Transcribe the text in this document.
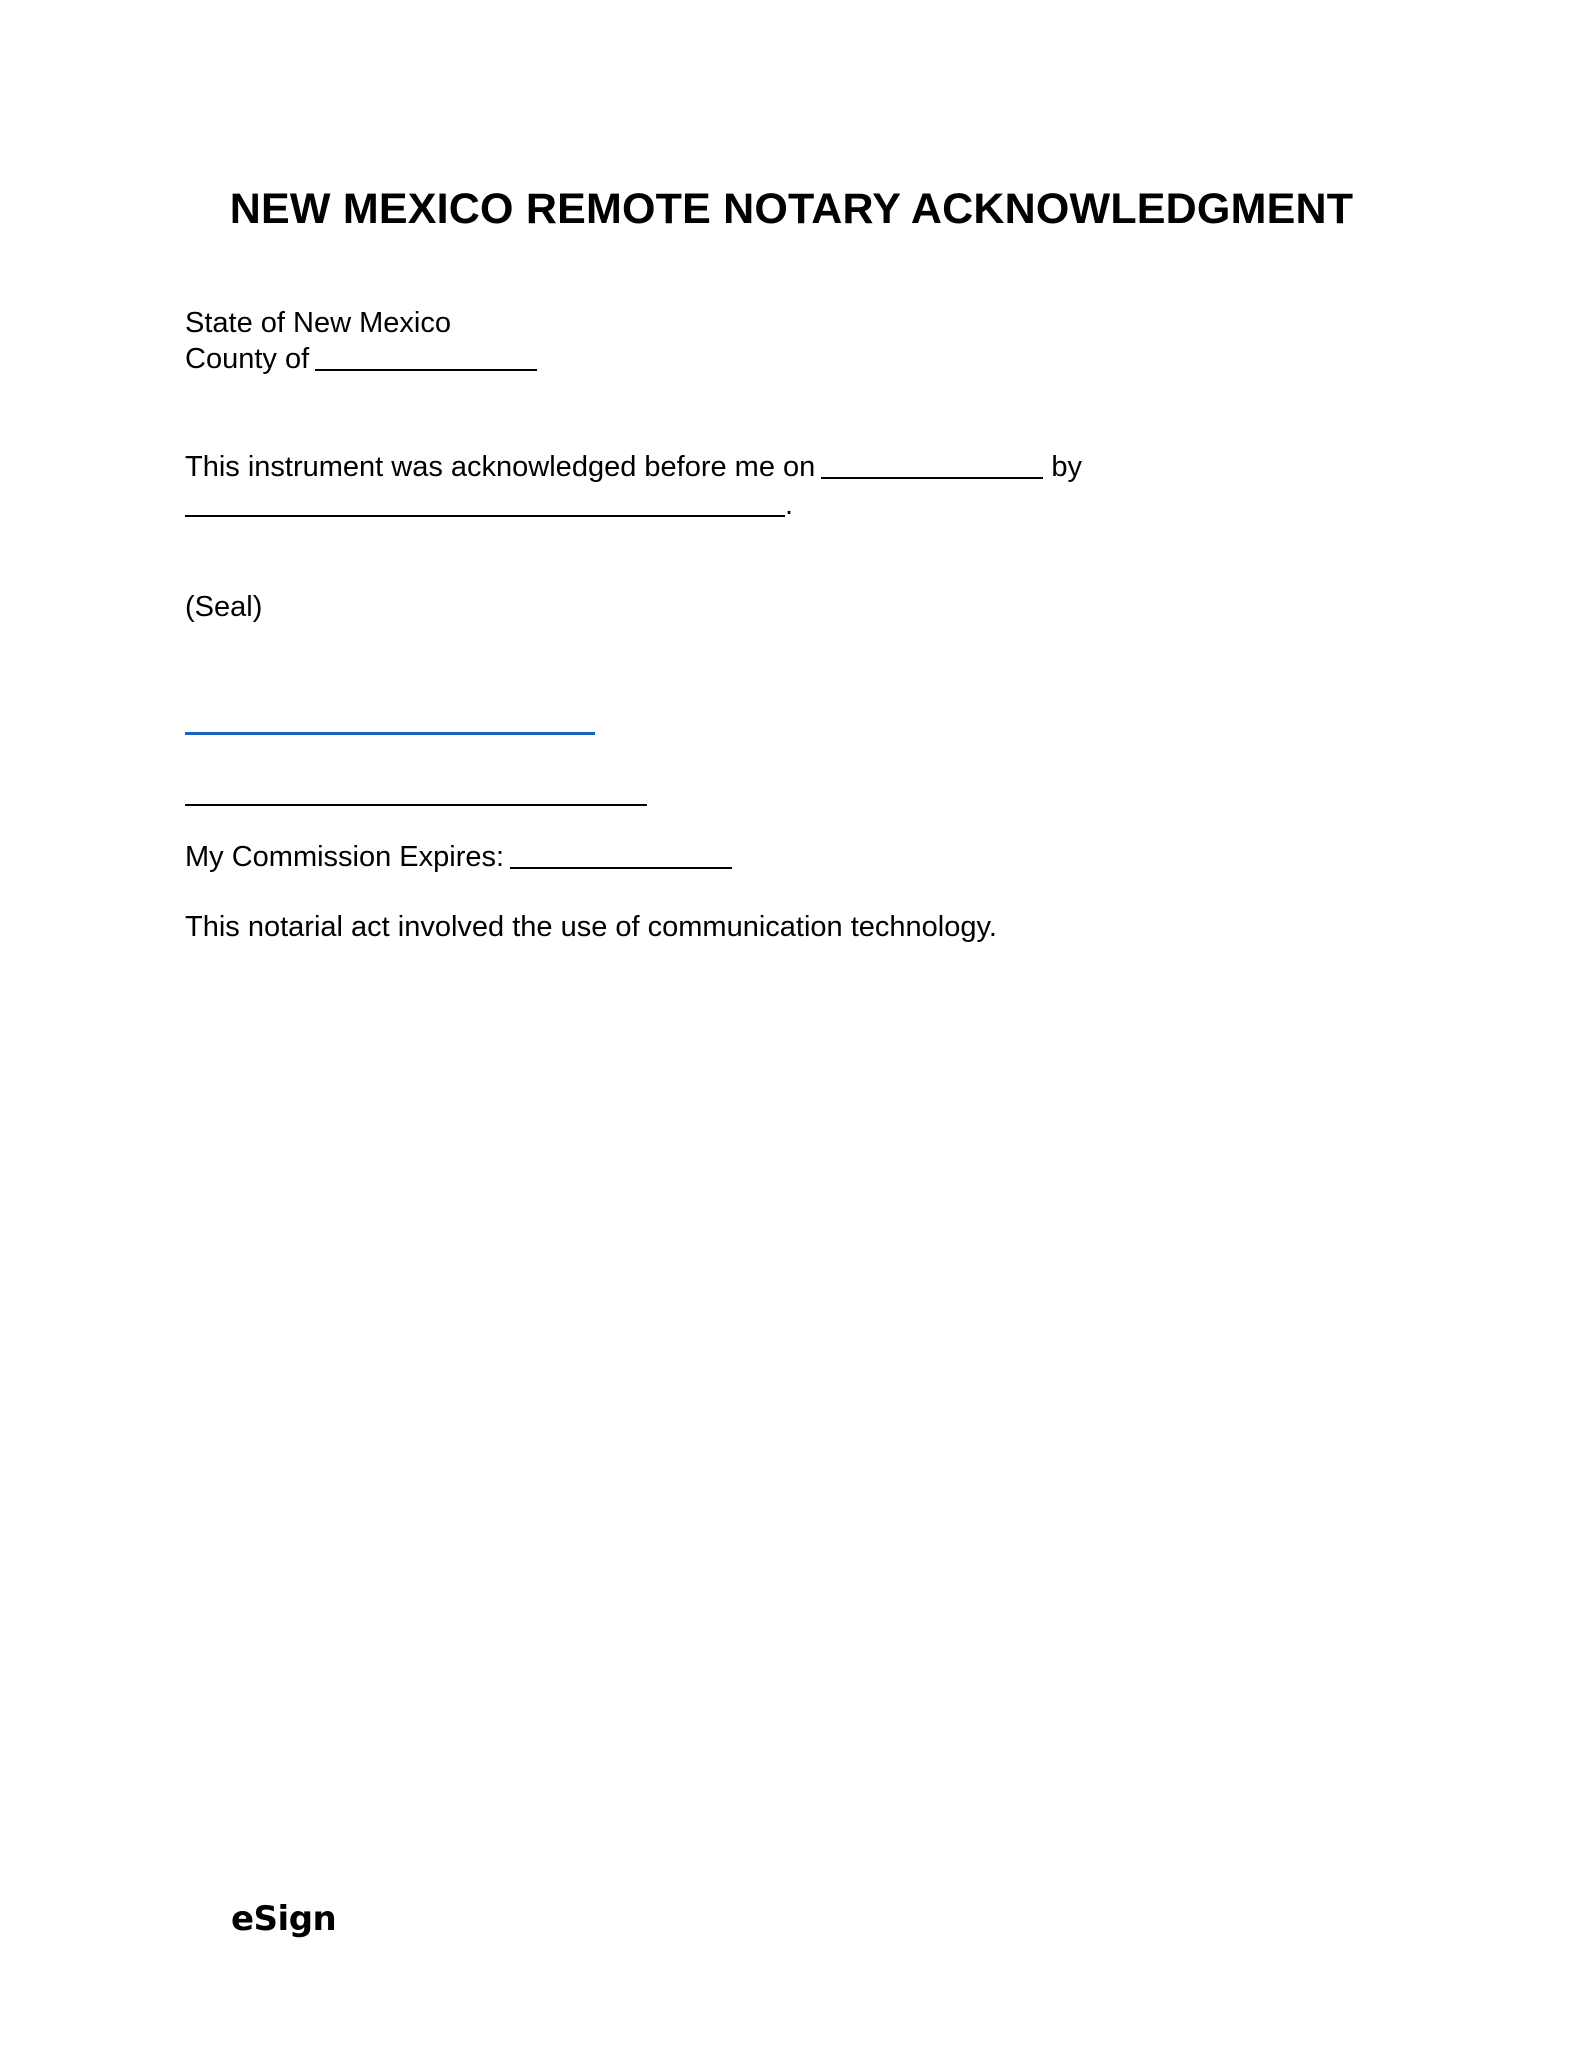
NEW MEXICO REMOTE NOTARY ACKNOWLEDGMENT
State of New Mexico
County of
This instrument was acknowledged before me on	by
.
(Seal)
My Commission Expires:
This notarial act involved the use of communication technology.
eSign
